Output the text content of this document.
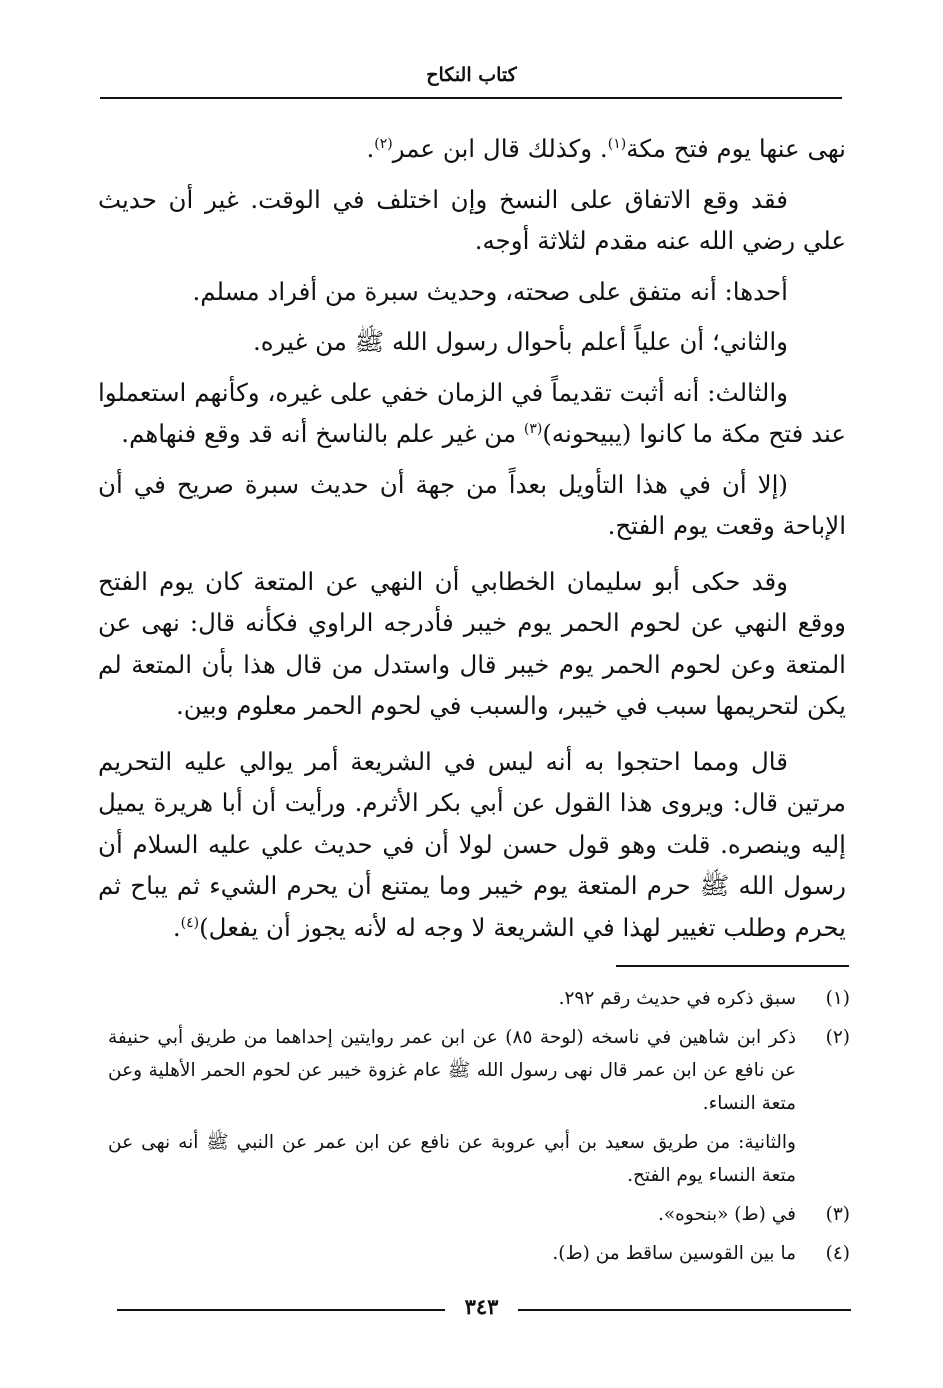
كتاب النكاح

نهى عنها يوم فتح مكة$^{(١)}$. وكذلك قال ابن عمر$^{(٢)}$.

فقد وقع الاتفاق على النسخ وإن اختلف في الوقت. غير أن حديث علي رضي الله عنه مقدم لثلاثة أوجه.

أحدها: أنه متفق على صحته، وحديث سبرة من أفراد مسلم.

والثاني؛ أن علياً أعلم بأحوال رسول الله ﷺ من غيره.

والثالث: أنه أثبت تقديماً في الزمان خفي على غيره، وكأنهم استعملوا عند فتح مكة ما كانوا (يبيحونه)$^{(٣)}$ من غير علم بالناسخ أنه قد وقع فنهاهم.

(إلا أن في هذا التأويل بعداً من جهة أن حديث سبرة صريح في أن الإباحة وقعت يوم الفتح.

وقد حكى أبو سليمان الخطابي أن النهي عن المتعة كان يوم الفتح ووقع النهي عن لحوم الحمر يوم خيبر فأدرجه الراوي فكأنه قال: نهى عن المتعة وعن لحوم الحمر يوم خيبر قال واستدل من قال هذا بأن المتعة لم يكن لتحريمها سبب في خيبر، والسبب في لحوم الحمر معلوم وبين.

قال ومما احتجوا به أنه ليس في الشريعة أمر يوالي عليه التحريم مرتين قال: ويروى هذا القول عن أبي بكر الأثرم. ورأيت أن أبا هريرة يميل إليه وينصره. قلت وهو قول حسن لولا أن في حديث علي عليه السلام أن رسول الله ﷺ حرم المتعة يوم خيبر وما يمتنع أن يحرم الشيء ثم يباح ثم يحرم وطلب تغيير لهذا في الشريعة لا وجه له لأنه يجوز أن يفعل)$^{(٤)}$.

(١)

سبق ذكره في حديث رقم ٢٩٢.

(٢)

ذكر ابن شاهين في ناسخه (لوحة ٨٥) عن ابن عمر روايتين إحداهما من طريق أبي حنيفة عن نافع عن ابن عمر قال نهى رسول الله ﷺ عام غزوة خيبر عن لحوم الحمر الأهلية وعن متعة النساء.

والثانية: من طريق سعيد بن أبي عروبة عن نافع عن ابن عمر عن النبي ﷺ أنه نهى عن متعة النساء يوم الفتح.

(٣)

في (ط) «بنحوه».

(٤)

ما بين القوسين ساقط من (ط).

٣٤٣
